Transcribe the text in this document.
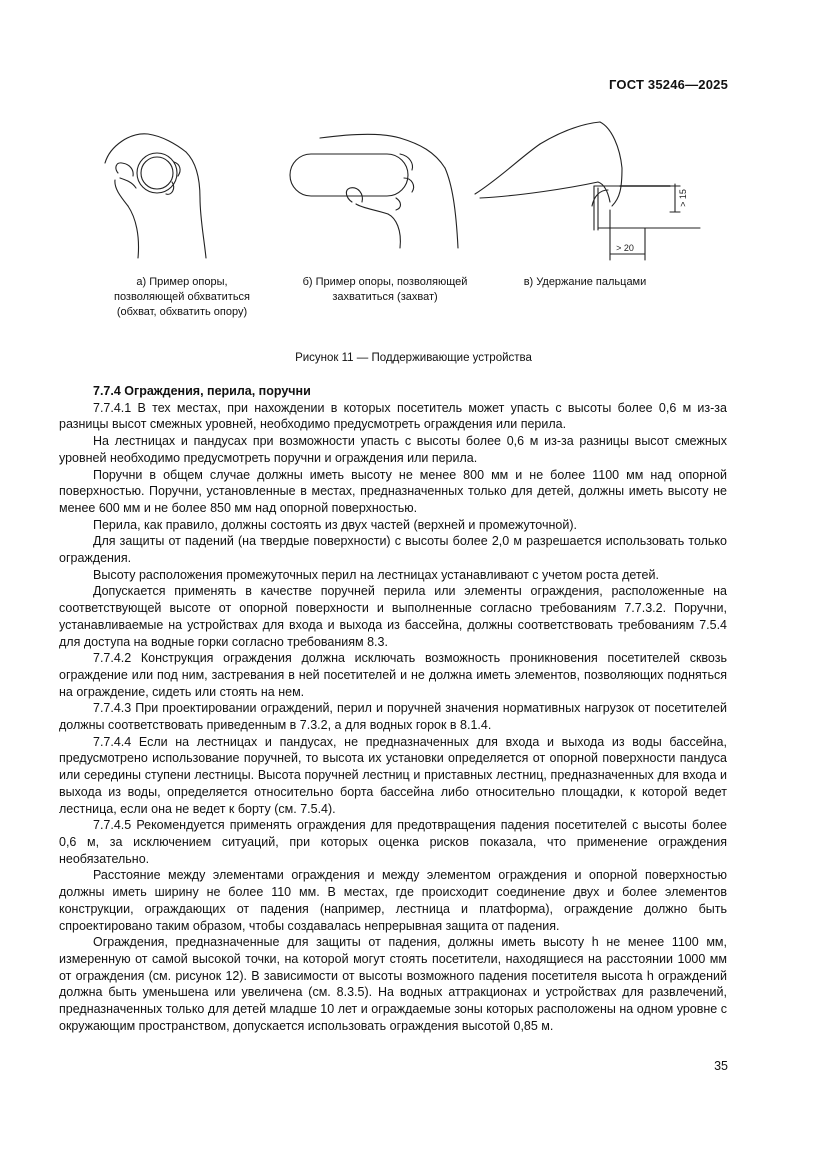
ГОСТ 35246—2025
> 15
> 20
а) Пример опоры, позволяющей обхватиться (обхват, обхватить опору)
б) Пример опоры, позволяющей захватиться (захват)
в) Удержание пальцами
Рисунок 11 — Поддерживающие устройства

7.7.4 Ограждения, перила, поручни

7.7.4.1 В тех местах, при нахождении в которых посетитель может упасть с высоты более 0,6 м из-за разницы высот смежных уровней, необходимо предусмотреть ограждения или перила.

На лестницах и пандусах при возможности упасть с высоты более 0,6 м из-за разницы высот смежных уровней необходимо предусмотреть поручни и ограждения или перила.

Поручни в общем случае должны иметь высоту не менее 800 мм и не более 1100 мм над опорной поверхностью. Поручни, установленные в местах, предназначенных только для детей, должны иметь высоту не менее 600 мм и не более 850 мм над опорной поверхностью.

Перила, как правило, должны состоять из двух частей (верхней и промежуточной).

Для защиты от падений (на твердые поверхности) с высоты более 2,0 м разрешается использовать только ограждения.

Высоту расположения промежуточных перил на лестницах устанавливают с учетом роста детей.

Допускается применять в качестве поручней перила или элементы ограждения, расположенные на соответствующей высоте от опорной поверхности и выполненные согласно требованиям 7.7.3.2. Поручни, устанавливаемые на устройствах для входа и выхода из бассейна, должны соответствовать требованиям 7.5.4 для доступа на водные горки согласно требованиям 8.3.

7.7.4.2 Конструкция ограждения должна исключать возможность проникновения посетителей сквозь ограждение или под ним, застревания в ней посетителей и не должна иметь элементов, позволяющих подняться на ограждение, сидеть или стоять на нем.

7.7.4.3 При проектировании ограждений, перил и поручней значения нормативных нагрузок от посетителей должны соответствовать приведенным в 7.3.2, а для водных горок в 8.1.4.

7.7.4.4 Если на лестницах и пандусах, не предназначенных для входа и выхода из воды бассейна, предусмотрено использование поручней, то высота их установки определяется от опорной поверхности пандуса или середины ступени лестницы. Высота поручней лестниц и приставных лестниц, предназначенных для входа и выхода из воды, определяется относительно борта бассейна либо относительно площадки, к которой ведет лестница, если она не ведет к борту (см. 7.5.4).

7.7.4.5 Рекомендуется применять ограждения для предотвращения падения посетителей с высоты более 0,6 м, за исключением ситуаций, при которых оценка рисков показала, что применение ограждения необязательно.

Расстояние между элементами ограждения и между элементом ограждения и опорной поверхностью должны иметь ширину не более 110 мм. В местах, где происходит соединение двух и более элементов конструкции, ограждающих от падения (например, лестница и платформа), ограждение должно быть спроектировано таким образом, чтобы создавалась непрерывная защита от падения.

Ограждения, предназначенные для защиты от падения, должны иметь высоту h не менее 1100 мм, измеренную от самой высокой точки, на которой могут стоять посетители, находящиеся на расстоянии 1000 мм от ограждения (см. рисунок 12). В зависимости от высоты возможного падения посетителя высота h ограждений должна быть уменьшена или увеличена (см. 8.3.5). На водных аттракционах и устройствах для развлечений, предназначенных только для детей младше 10 лет и ограждаемые зоны которых расположены на одном уровне с окружающим пространством, допускается использовать ограждения высотой 0,85 м.

35
